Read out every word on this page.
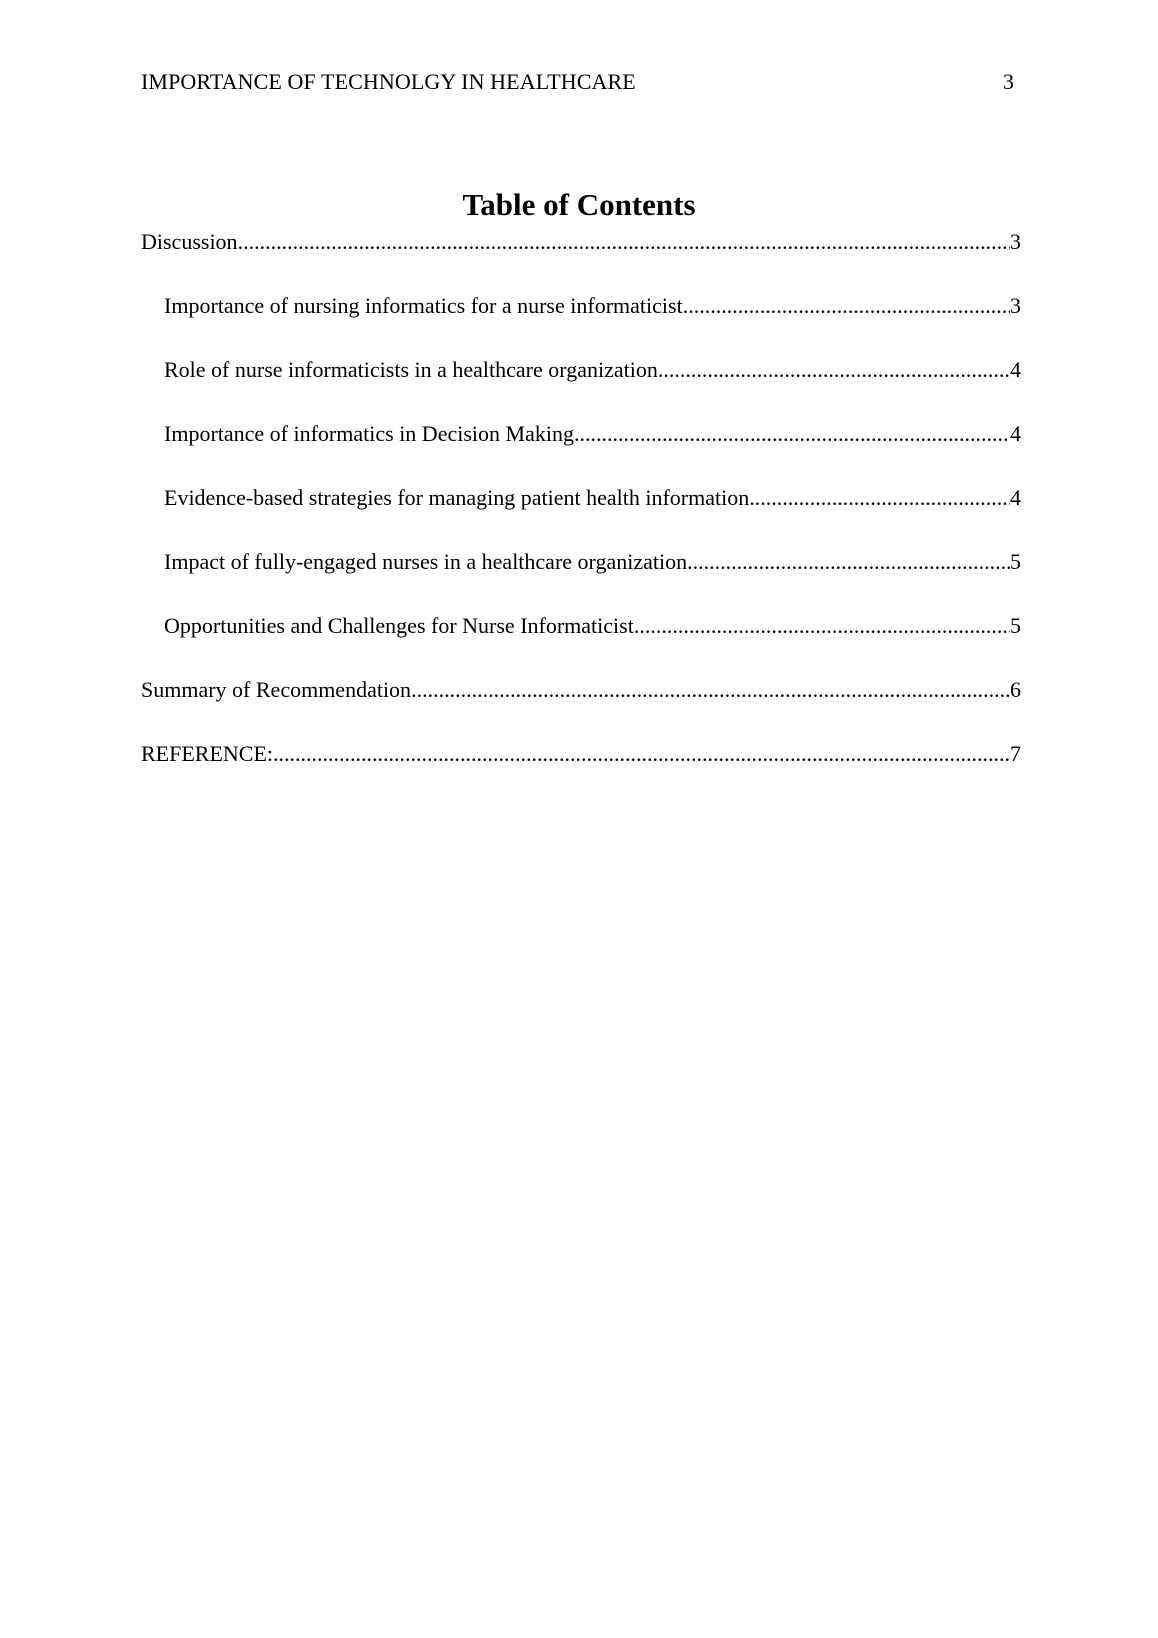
IMPORTANCE OF TECHNOLGY IN HEALTHCARE	3
Table of Contents
Discussion .....	3
Importance of nursing informatics for a nurse informaticist .....	3
Role of nurse informaticists in a healthcare organization .....	4
Importance of informatics in Decision Making .....	4
Evidence-based strategies for managing patient health information .....	4
Impact of fully-engaged nurses in a healthcare organization .....	5
Opportunities and Challenges for Nurse Informaticist .....	5
Summary of Recommendation .....	6
REFERENCE: .....	7
